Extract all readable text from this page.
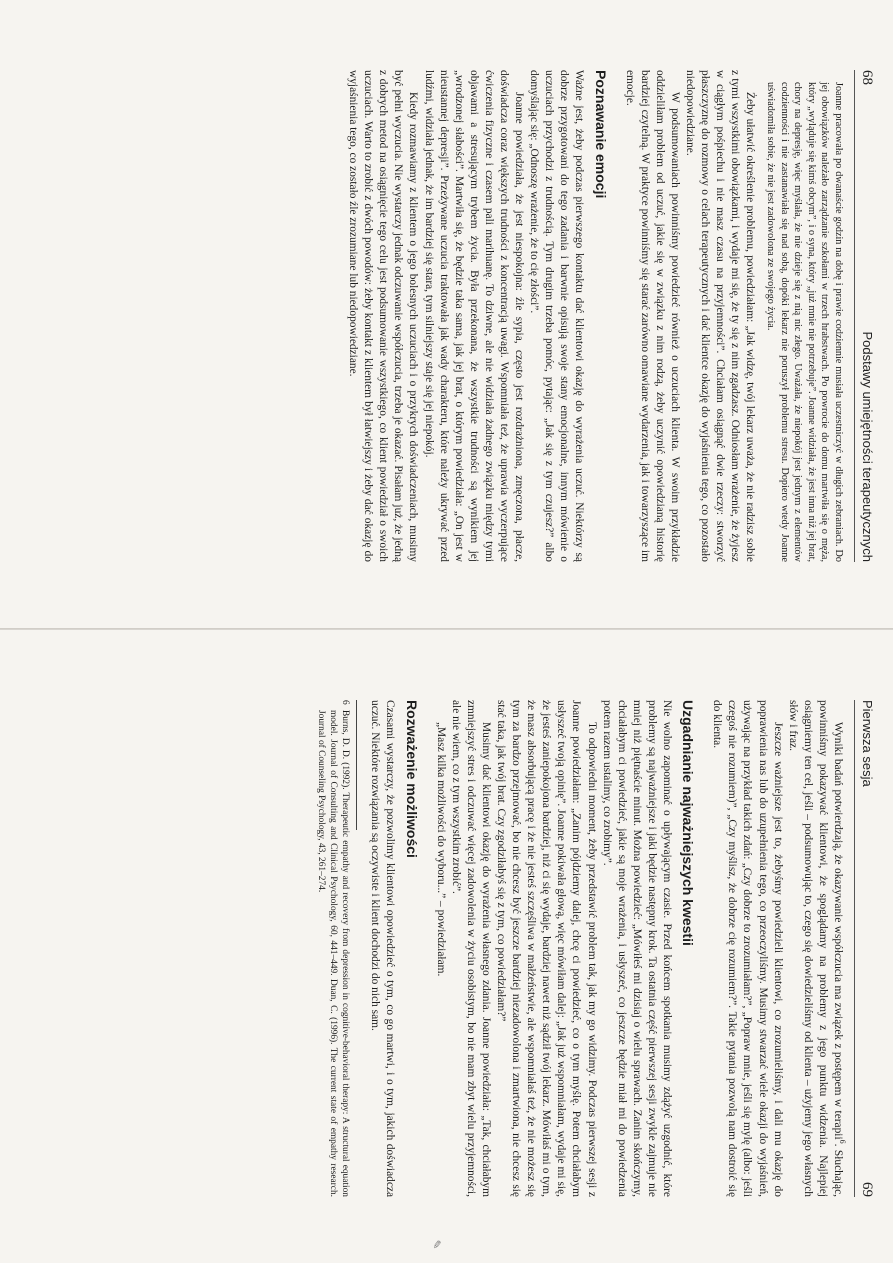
68
Podstawy umiejętności terapeutycznych

Joanne pracowała po dwanaście godzin na dobę i prawie codziennie musiała uczestniczyć w długich zebraniach. Do jej obowiązków należało zarządzanie szkołami w trzech hrabstwach. Po powrocie do domu martwiła się o męża, który „wyląduje się kimś obcym”, i o syna, który „już mnie nie potrzebuje”. Joanne widziała, że jest inna niż jej brat, chory na depresję, więc myślała, że nie dzieje się z nią nic złego. Uważała, że niepokój jest jednym z elementów codzienności i nie zastanawiała się nad sobą, dopóki lekarz nie poruszył problemu stresu. Dopiero wtedy Joanne uświadomiła sobie, że nie jest zadowolona ze swojego życia.

Żeby ułatwić określenie problemu, powiedziałam: „Jak widzę, twój lekarz uważa, że nie radzisz sobie z tymi wszystkimi obowiązkami, i wydaje mi się, że ty się z nim zgadzasz. Odniosłam wrażenie, że żyjesz w ciągłym pośpiechu i nie masz czasu na przyjemności”. Chciałam osiągnąć dwie rzeczy: stworzyć płaszczyznę do rozmowy o celach terapeutycznych i dać klientce okazję do wyjaśnienia tego, co pozostało niedopowiedziane.

W podsumowaniach powinniśmy powiedzieć również o uczuciach klienta. W swoim przykładzie oddzieliłam problem od uczuć, jakie się w związku z nim rodzą, żeby uczynić opowiedzianą historię bardziej czytelną. W praktyce powinniśmy się starać zarówno omawiane wydarzenia, jak i towarzyszące im emocje.

Poznawanie emocji

Ważne jest, żeby podczas pierwszego kontaktu dać klientowi okazję do wyrażenia uczuć. Niektórzy są dobrze przygotowani do tego zadania i barwnie opisują swoje stany emocjonalne, innym mówienie o uczuciach przychodzi z trudnością. Tym drugim trzeba pomóc, pytając: „Jak się z tym czujesz?” albo domyślając się: „Odnoszę wrażenie, że to cię złości”.

Joanne powiedziała, że jest niespokojna: źle sypia, często jest rozdrażniona, zmęczona, płacze, doświadcza coraz większych trudności z koncentracją uwagi. Wspomniała też, że uprawia wyczerpujące ćwiczenia fizyczne i czasem pali marihuanę. To dziwne, ale nie widziała żadnego związku między tymi objawami a stresującym trybem życia. Była przekonana, że wszystkie trudności są wynikiem jej „wrodzonej słabości”. Martwiła się, że będzie taka sama, jak jej brat, o którym powiedziała: „On jest w nieustannej depresji”. Przeżywane uczucia traktowała jak wady charakteru, które należy ukrywać przed ludźmi, widziała jednak, że im bardziej się stara, tym silniejszy staje się jej niepokój.

Kiedy rozmawiamy z klientem o jego bolesnych uczuciach i o przykrych doświadczeniach, musimy być pełni wyczucia. Nie wystarczy jednak odczuwanie współczucia, trzeba je okazać. Pisałam już, że jedną z dobrych metod na osiągnięcie tego celu jest podsumowanie wszystkiego, co klient powiedział o swoich uczuciach. Warto to zrobić z dwóch powodów: żeby kontakt z klientem był łatwiejszy i żeby dać okazję do wyjaśnienia tego, co zostało źle zrozumiane lub niedopowiedziane.

Pierwsza sesja
69

Wyniki badań potwierdzają, że okazywanie współczucia ma związek z postępem w terapii$^6$. Słuchając, powinniśmy pokazywać klientowi, że spoglądamy na problemy z jego punktu widzenia. Najlepiej osiągniemy ten cel, jeśli – podsumowując to, czego się dowiedzieliśmy od klienta – użyjemy jego własnych słów i fraz.

Jeszcze ważniejsze jest to, żebyśmy powiedzieli klientowi, co zrozumieliśmy, i dali mu okazję do poprawienia nas lub do uzupełnienia tego, co przeoczyliśmy. Musimy stwarzać wiele okazji do wyjaśnień, używając na przykład takich zdań: „Czy dobrze to zrozumiałam?”, „Popraw mnie, jeśli się mylę (albo: jeśli czegoś nie rozumiem)”, „Czy myślisz, że dobrze cię rozumiem?”. Takie pytania pozwolą nam dostroić się do klienta.

Uzgadnianie najważniejszych kwestii

Nie wolno zapominać o upływającym czasie. Przed końcem spotkania musimy zdążyć uzgodnić, które problemy są najważniejsze i jaki będzie następny krok. Ta ostatnia część pierwszej sesji zwykle zajmuje nie mniej niż piętnaście minut. Można powiedzieć: „Mówiłeś mi dzisiaj o wielu sprawach. Zanim skończymy, chciałabym ci powiedzieć, jakie są moje wrażenia, i usłyszeć, co jeszcze będzie miał mi do powiedzenia potem razem ustalimy, co zrobimy”.

To odpowiedni moment, żeby przedstawić problem tak, jak my go widzimy. Podczas pierwszej sesji z Joanne powiedziałam: „Zanim pójdziemy dalej, chcę ci powiedzieć, co o tym myślę. Potem chciałabym usłyszeć twoją opinię”. Joanne pokiwała głową, więc mówiłam dalej: „Jak już wspomniałam, wydaje mi się, że jesteś zaniepokojona bardziej, niż ci się wydaje, bardziej nawet niż sądził twój lekarz. Mówiłaś mi o tym, że masz absorbującą pracę i że nie jesteś szczęśliwa w małżeństwie, ale wspomniałaś też, że nie możesz się tym za bardzo przejmować, bo nie chcesz być jeszcze bardziej niezadowolona i zmartwiona, nie chcesz się stać taka, jak twój brat. Czy zgodziłabyś się z tym, co powiedziałam?”

Musimy dać klientowi okazję do wyrażenia własnego zdania. Joanne powiedziała: „Tak, chciałabym zmniejszyć stres i odczuwać więcej zadowolenia w życiu osobistym, bo nie mam zbyt wielu przyjemności, ale nie wiem, co z tym wszystkim zrobić”.

„Masz kilka możliwości do wyboru...” – powiedziałam.

Rozważenie możliwości

Czasami wystarczy, że pozwolimy klientowi opowiedzieć o tym, co go martwi, i o tym, jakich doświadcza uczuć. Niektóre rozwiązania są oczywiste i klient dochodzi do nich sam.

6
Burns, D. D. (1992). Therapeutic empathy and recovery from depression in cognitive-behavioral therapy: A structural equation model. Journal of Consulting and Clinical Psychology, 60, 441–449. Duan, C. (1996). The current state of empathy research. Journal of Counseling Psychology, 43, 261–274.

✎
